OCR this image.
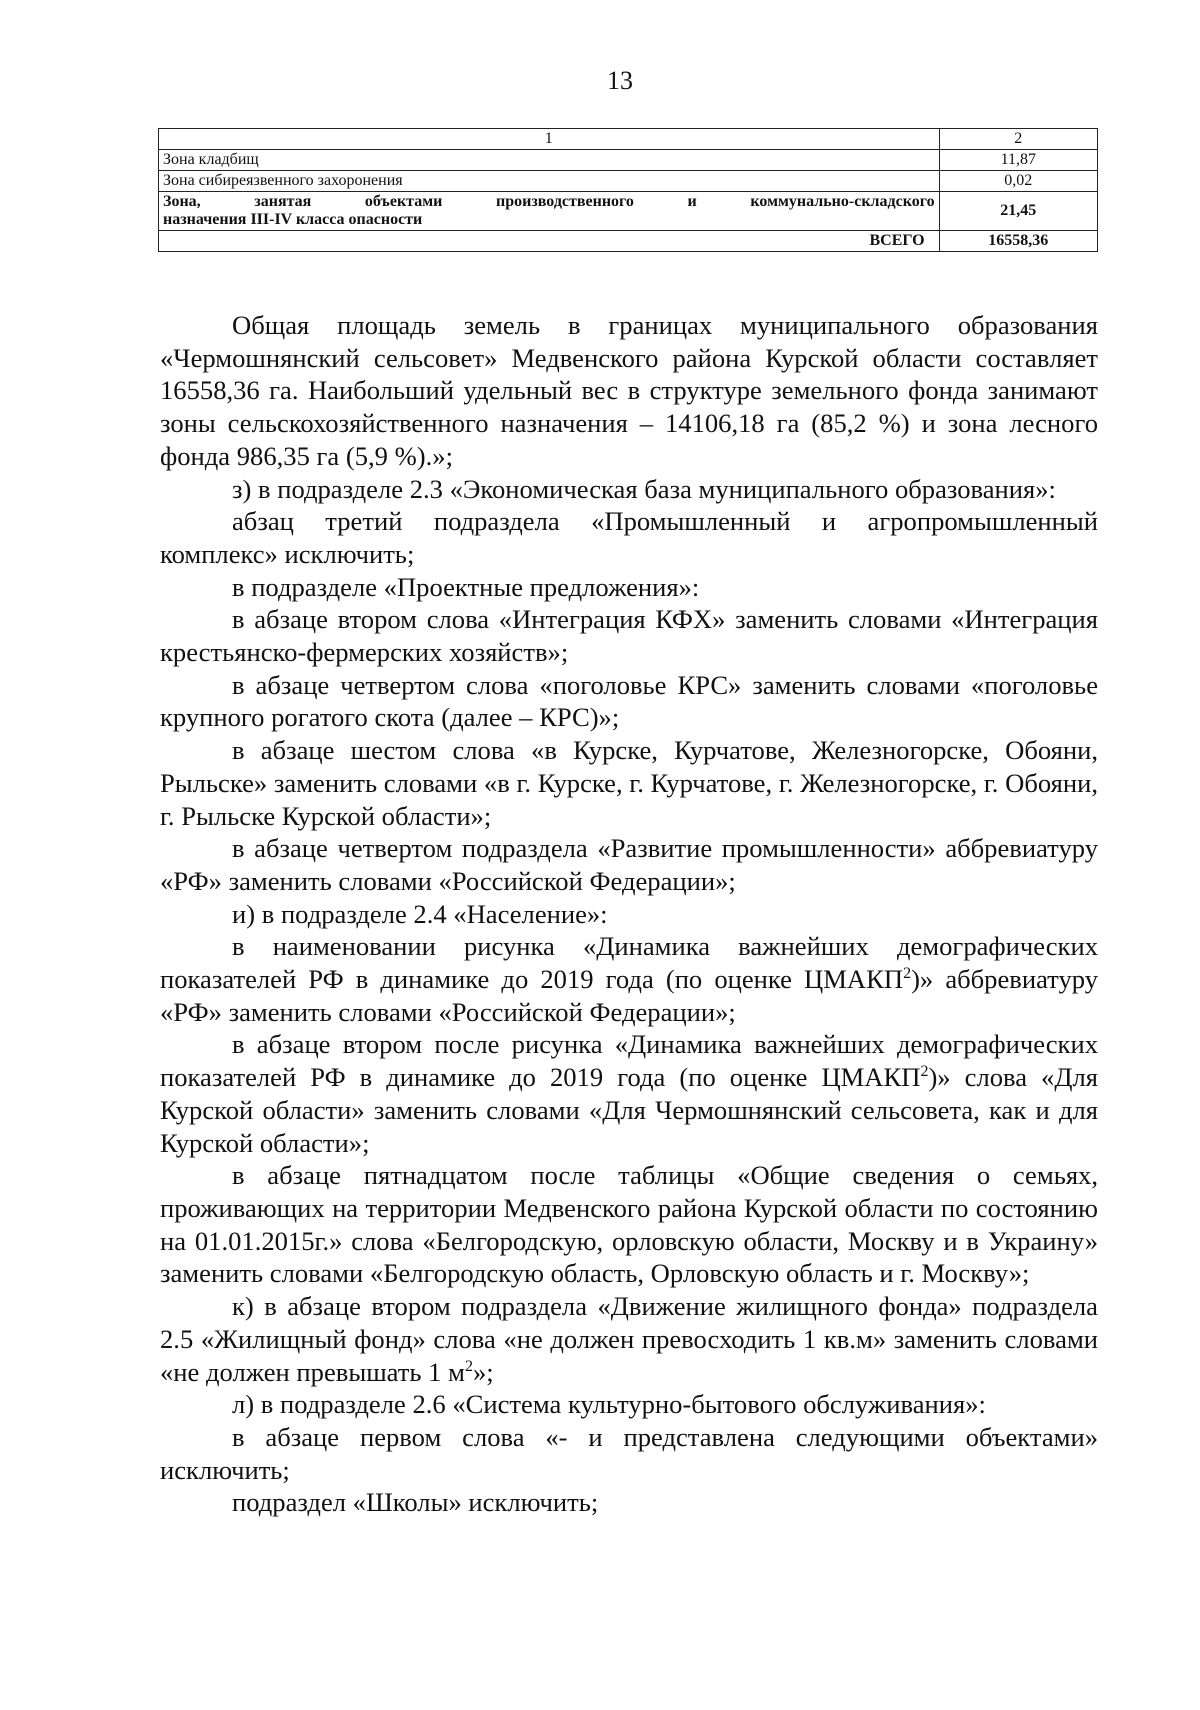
13

1	2
Зона кладбищ	11,87
Зона сибиреязвенного захоронения	0,02

Зона, занятая объектами производственного и коммунально-складского
назначения III-IV класса опасности	21,45
ВСЕГО	16558,36

Общая площадь земель в границах муниципального образования «Чермошнянский сельсовет» Медвенского района Курской области составляет 16558,36 га. Наибольший удельный вес в структуре земельного фонда занимают зоны сельскохозяйственного назначения – 14106,18 га (85,2 %) и зона лесного фонда 986,35 га (5,9 %).»;

з) в подразделе 2.3 «Экономическая база муниципального образования»:

абзац третий подраздела «Промышленный и агропромышленный комплекс» исключить;

в подразделе «Проектные предложения»:

в абзаце втором слова «Интеграция КФХ» заменить словами «Интеграция крестьянско-фермерских хозяйств»;

в абзаце четвертом слова «поголовье КРС» заменить словами «поголовье крупного рогатого скота (далее – КРС)»;

в абзаце шестом слова «в Курске, Курчатове, Железногорске, Обояни, Рыльске» заменить словами «в г. Курске, г. Курчатове, г. Железногорске, г. Обояни, г. Рыльске Курской области»;

в абзаце четвертом подраздела «Развитие промышленности» аббревиатуру «РФ» заменить словами «Российской Федерации»;

и) в подразделе 2.4 «Население»:

в наименовании рисунка «Динамика важнейших демографических показателей РФ в динамике до 2019 года (по оценке ЦМАКП$^2$)» аббревиатуру «РФ» заменить словами «Российской Федерации»;

в абзаце втором после рисунка «Динамика важнейших демографических показателей РФ в динамике до 2019 года (по оценке ЦМАКП$^2$)» слова «Для Курской области» заменить словами «Для Чермошнянский сельсовета, как и для Курской области»;

в абзаце пятнадцатом после таблицы «Общие сведения о семьях, проживающих на территории Медвенского района Курской области по состоянию на 01.01.2015г.» слова «Белгородскую, орловскую области, Москву и в Украину» заменить словами «Белгородскую область, Орловскую область и г. Москву»;

к) в абзаце втором подраздела «Движение жилищного фонда» подраздела 2.5 «Жилищный фонд» слова «не должен превосходить 1 кв.м» заменить словами «не должен превышать 1 $м^2$»;

л) в подразделе 2.6 «Система культурно-бытового обслуживания»:

в абзаце первом слова «- и представлена следующими объектами» исключить;

подраздел «Школы» исключить;
